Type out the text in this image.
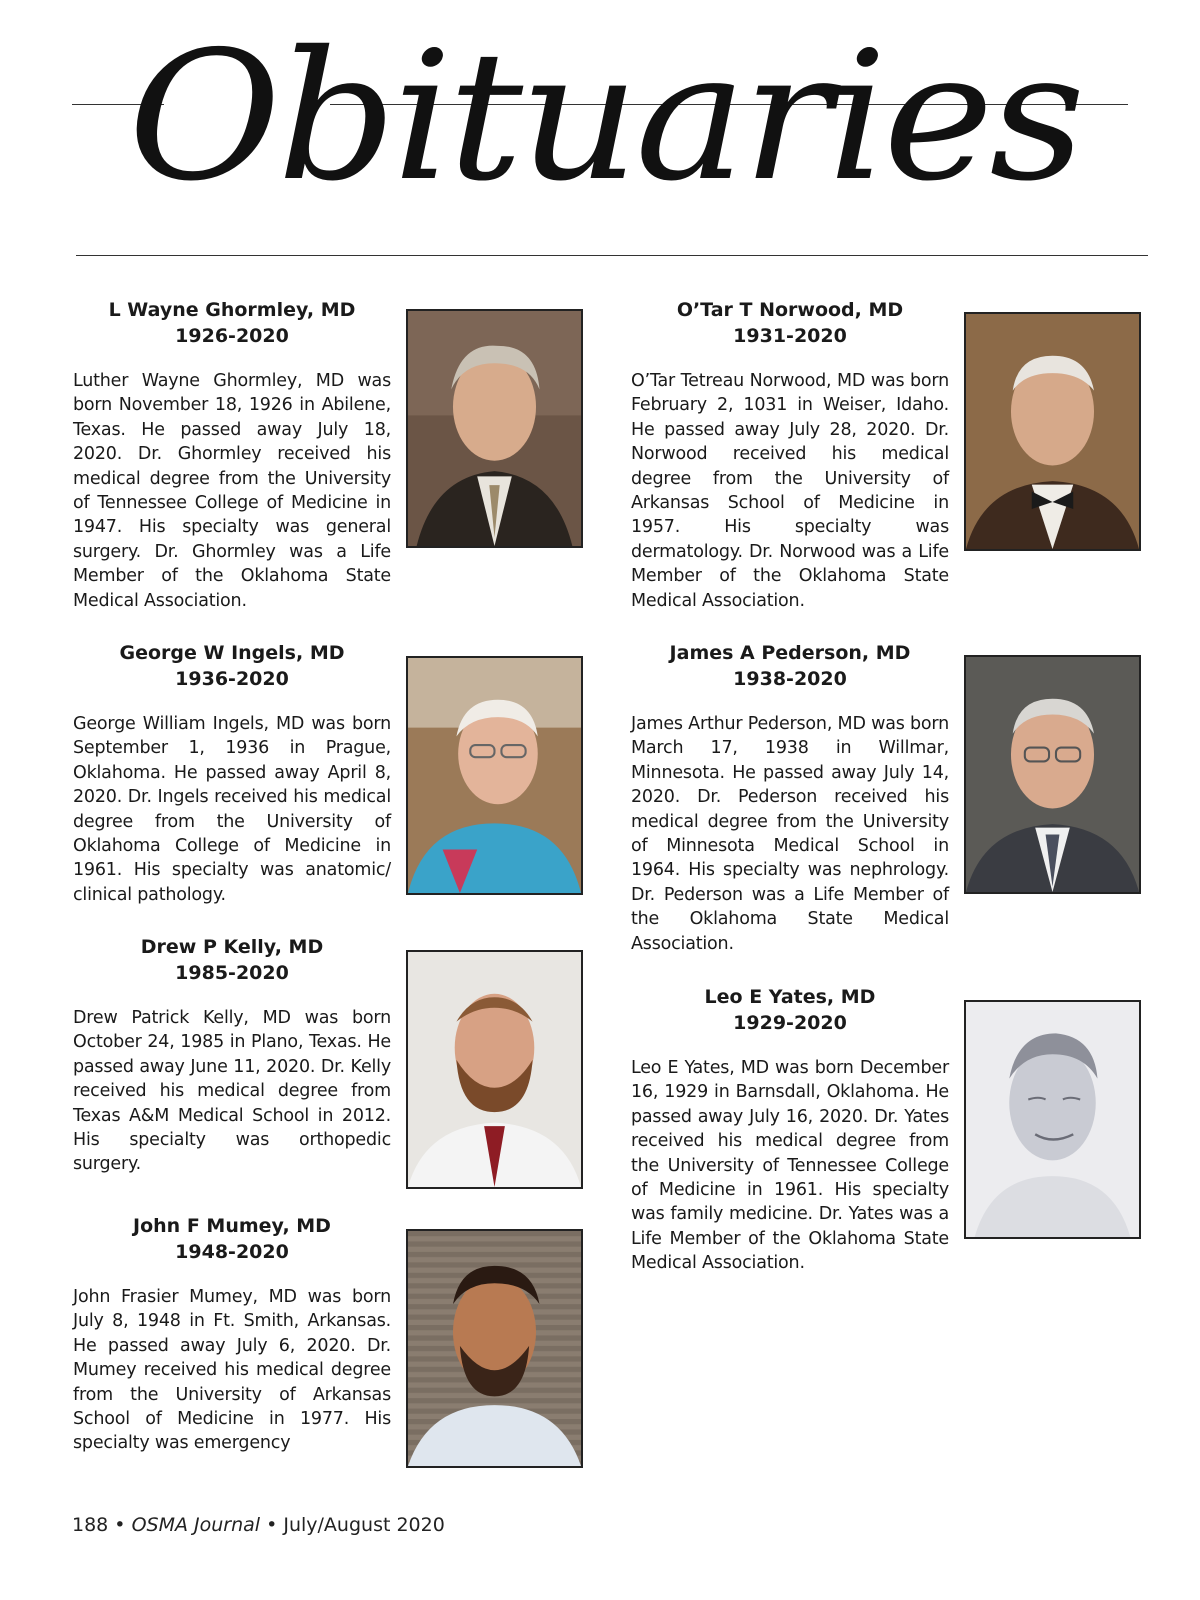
Obituaries
L Wayne Ghormley, MD
1926-2020

Luther Wayne Ghormley, MD was born November 18, 1926 in Abilene, Texas. He passed away July 18, 2020. Dr. Ghormley received his medical degree from the University of Tennessee College of Medicine in 1947. His specialty was general surgery. Dr. Ghormley was a Life Member of the Oklahoma State Medical Association.

George W Ingels, MD
1936-2020

George William Ingels, MD was born September 1, 1936 in Prague, Oklahoma. He passed away April 8, 2020. Dr. Ingels received his medical degree from the University of Oklahoma College of Medicine in 1961. His specialty was anatomic/ clinical pathology.

Drew P Kelly, MD
1985-2020

Drew Patrick Kelly, MD was born October 24, 1985 in Plano, Texas. He passed away June 11, 2020. Dr. Kelly received his medical degree from Texas A&M Medical School in 2012. His specialty was orthopedic surgery.

John F Mumey, MD
1948-2020

John Frasier Mumey, MD was born July 8, 1948 in Ft. Smith, Arkansas. He passed away July 6, 2020. Dr. Mumey received his medical degree from the University of Arkansas School of Medicine in 1977. His specialty was emergency

O’Tar T Norwood, MD
1931-2020

O’Tar Tetreau Norwood, MD was born February 2, 1031 in Weiser, Idaho. He passed away July 28, 2020. Dr. Norwood received his medical degree from the University of Arkansas School of Medicine in 1957. His specialty was dermatology. Dr. Norwood was a Life Member of the Oklahoma State Medical Association.

James A Pederson, MD
1938-2020

James Arthur Pederson, MD was born March 17, 1938 in Willmar, Minnesota. He passed away July 14, 2020. Dr. Pederson received his medical degree from the University of Minnesota Medical School in 1964. His specialty was nephrology. Dr. Pederson was a Life Member of the Oklahoma State Medical Association.

Leo E Yates, MD
1929-2020

Leo E Yates, MD was born December 16, 1929 in Barnsdall, Oklahoma. He passed away July 16, 2020. Dr. Yates received his medical degree from the University of Tennessee College of Medicine in 1961. His specialty was family medicine. Dr. Yates was a Life Member of the Oklahoma State Medical Association.

188 • OSMA Journal • July/August 2020
